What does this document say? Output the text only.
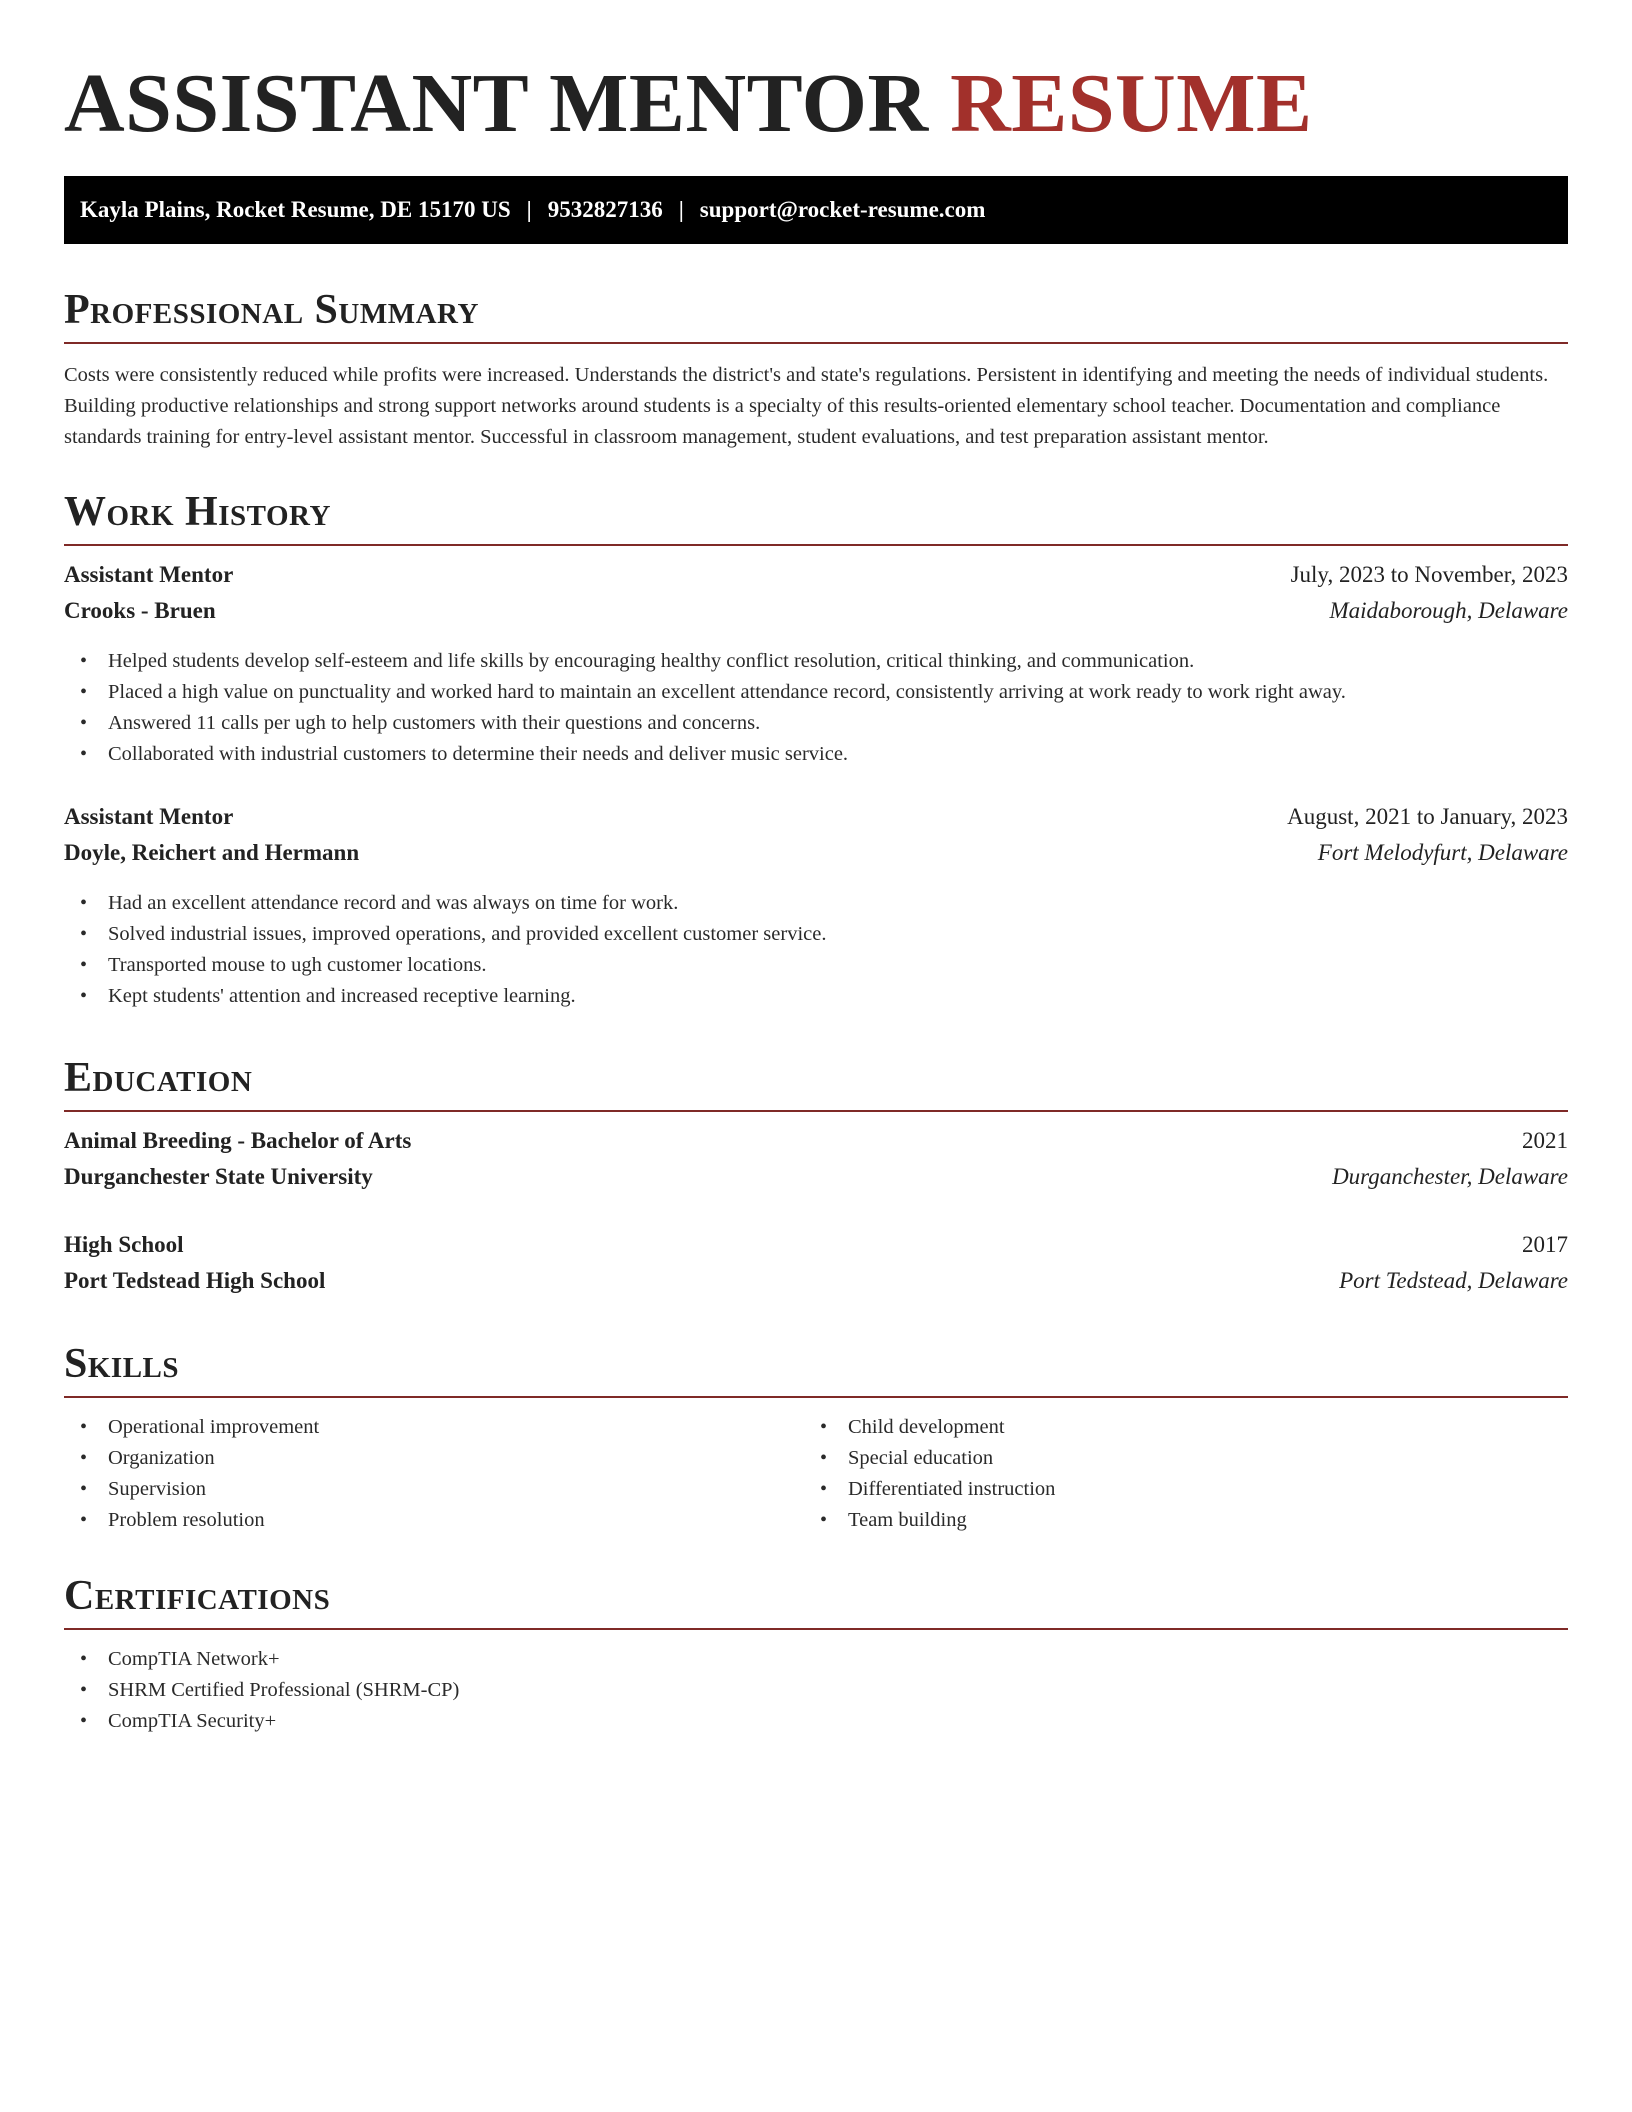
ASSISTANT MENTOR RESUME
Kayla Plains, Rocket Resume, DE 15170 US | 9532827136 | support@rocket-resume.com
Professional Summary

Costs were consistently reduced while profits were increased. Understands the district's and state's regulations. Persistent in identifying and meeting the needs of individual students. Building productive relationships and strong support networks around students is a specialty of this results-oriented elementary school teacher. Documentation and compliance standards training for entry-level assistant mentor. Successful in classroom management, student evaluations, and test preparation assistant mentor.

Work History
Assistant Mentor	July, 2023 to November, 2023
Crooks - Bruen	Maidaborough, Delaware
• Helped students develop self-esteem and life skills by encouraging healthy conflict resolution, critical thinking, and communication.
• Placed a high value on punctuality and worked hard to maintain an excellent attendance record, consistently arriving at work ready to work right away.
• Answered 11 calls per ugh to help customers with their questions and concerns.
• Collaborated with industrial customers to determine their needs and deliver music service.
Assistant Mentor	August, 2021 to January, 2023
Doyle, Reichert and Hermann	Fort Melodyfurt, Delaware
• Had an excellent attendance record and was always on time for work.
• Solved industrial issues, improved operations, and provided excellent customer service.
• Transported mouse to ugh customer locations.
• Kept students' attention and increased receptive learning.
Education
Animal Breeding - Bachelor of Arts	2021
Durganchester State University	Durganchester, Delaware
High School	2017
Port Tedstead High School	Port Tedstead, Delaware
Skills
• Operational improvement
• Organization
• Supervision
• Problem resolution
• Child development
• Special education
• Differentiated instruction
• Team building
Certifications
• CompTIA Network+
• SHRM Certified Professional (SHRM-CP)
• CompTIA Security+
